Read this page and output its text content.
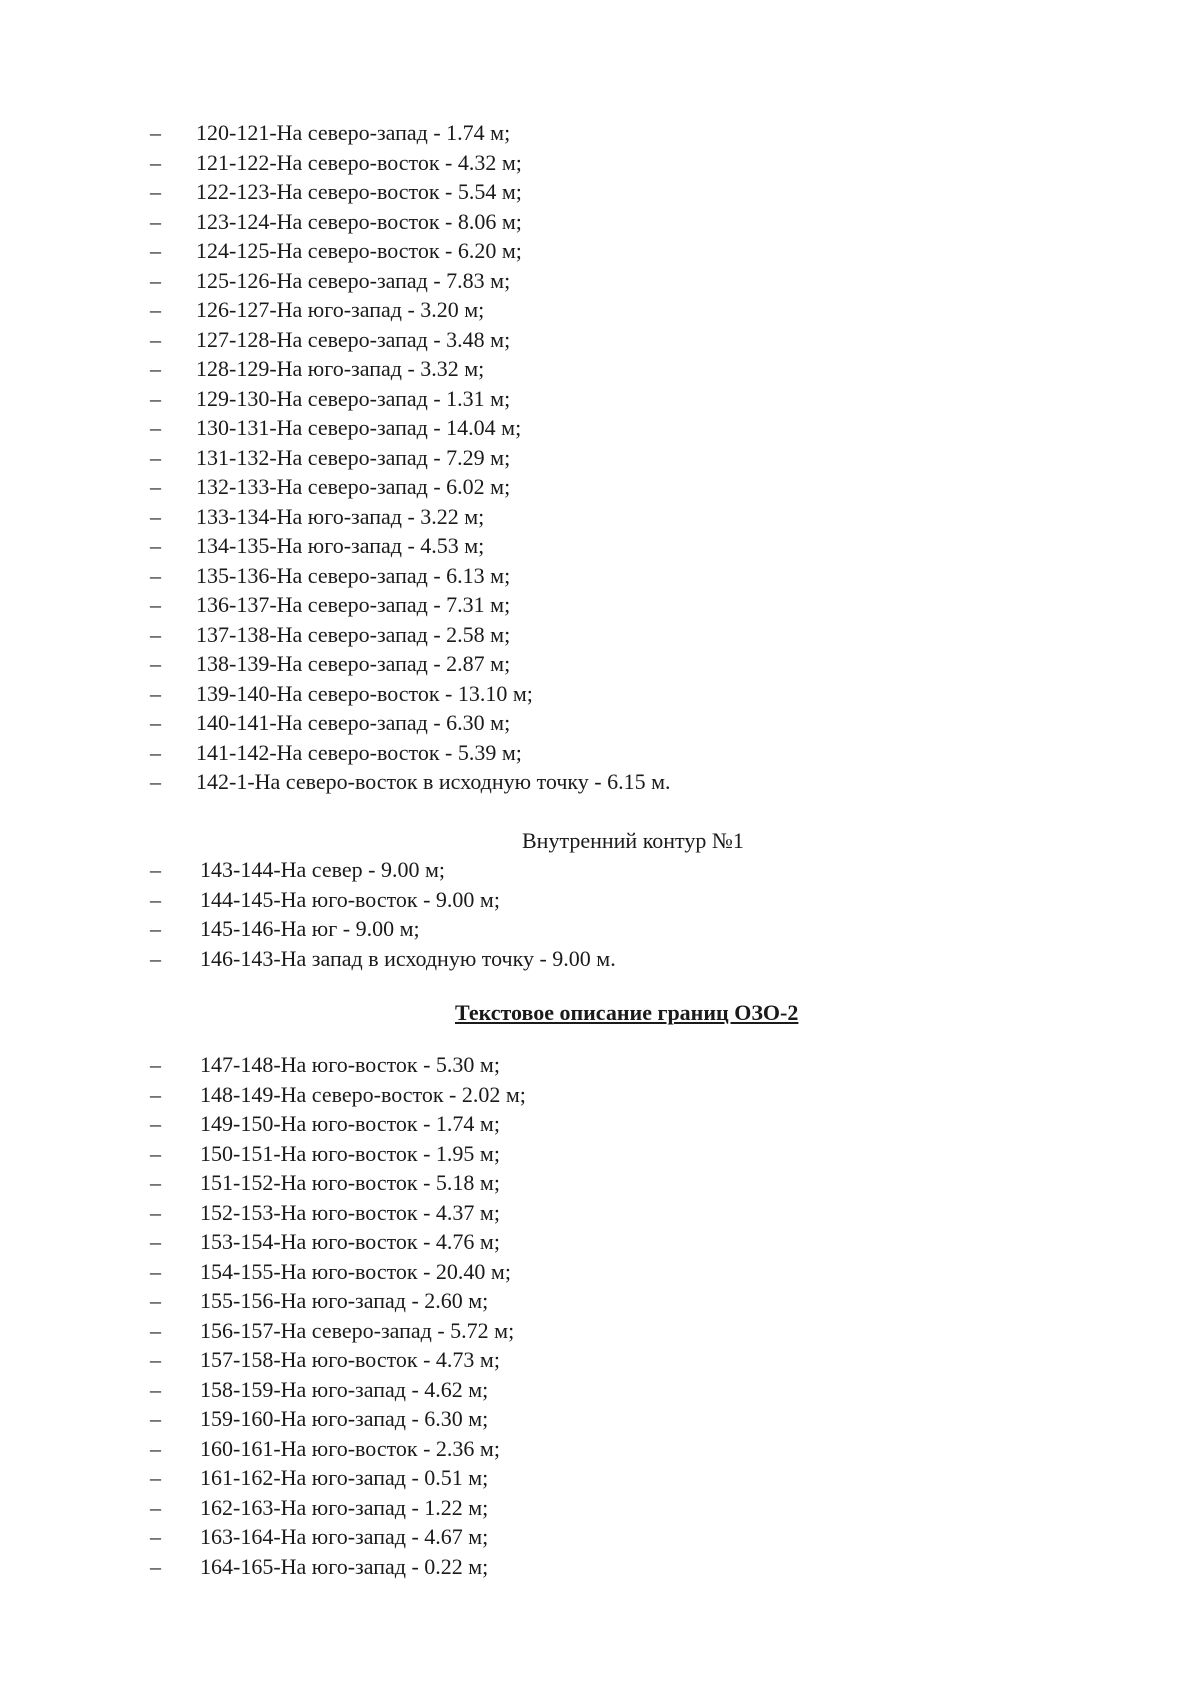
–	120-121-На северо-запад - 1.74 м;
–	121-122-На северо-восток - 4.32 м;
–	122-123-На северо-восток - 5.54 м;
–	123-124-На северо-восток - 8.06 м;
–	124-125-На северо-восток - 6.20 м;
–	125-126-На северо-запад - 7.83 м;
–	126-127-На юго-запад - 3.20 м;
–	127-128-На северо-запад - 3.48 м;
–	128-129-На юго-запад - 3.32 м;
–	129-130-На северо-запад - 1.31 м;
–	130-131-На северо-запад - 14.04 м;
–	131-132-На северо-запад - 7.29 м;
–	132-133-На северо-запад - 6.02 м;
–	133-134-На юго-запад - 3.22 м;
–	134-135-На юго-запад - 4.53 м;
–	135-136-На северо-запад - 6.13 м;
–	136-137-На северо-запад - 7.31 м;
–	137-138-На северо-запад - 2.58 м;
–	138-139-На северо-запад - 2.87 м;
–	139-140-На северо-восток - 13.10 м;
–	140-141-На северо-запад - 6.30 м;
–	141-142-На северо-восток - 5.39 м;
–	142-1-На северо-восток в исходную точку - 6.15 м.
Внутренний контур №1
–	143-144-На север - 9.00 м;
–	144-145-На юго-восток - 9.00 м;
–	145-146-На юг - 9.00 м;
–	146-143-На запад в исходную точку - 9.00 м.
Текстовое описание границ ОЗО-2
–	147-148-На юго-восток - 5.30 м;
–	148-149-На северо-восток - 2.02 м;
–	149-150-На юго-восток - 1.74 м;
–	150-151-На юго-восток - 1.95 м;
–	151-152-На юго-восток - 5.18 м;
–	152-153-На юго-восток - 4.37 м;
–	153-154-На юго-восток - 4.76 м;
–	154-155-На юго-восток - 20.40 м;
–	155-156-На юго-запад - 2.60 м;
–	156-157-На северо-запад - 5.72 м;
–	157-158-На юго-восток - 4.73 м;
–	158-159-На юго-запад - 4.62 м;
–	159-160-На юго-запад - 6.30 м;
–	160-161-На юго-восток - 2.36 м;
–	161-162-На юго-запад - 0.51 м;
–	162-163-На юго-запад - 1.22 м;
–	163-164-На юго-запад - 4.67 м;
–	164-165-На юго-запад - 0.22 м;
